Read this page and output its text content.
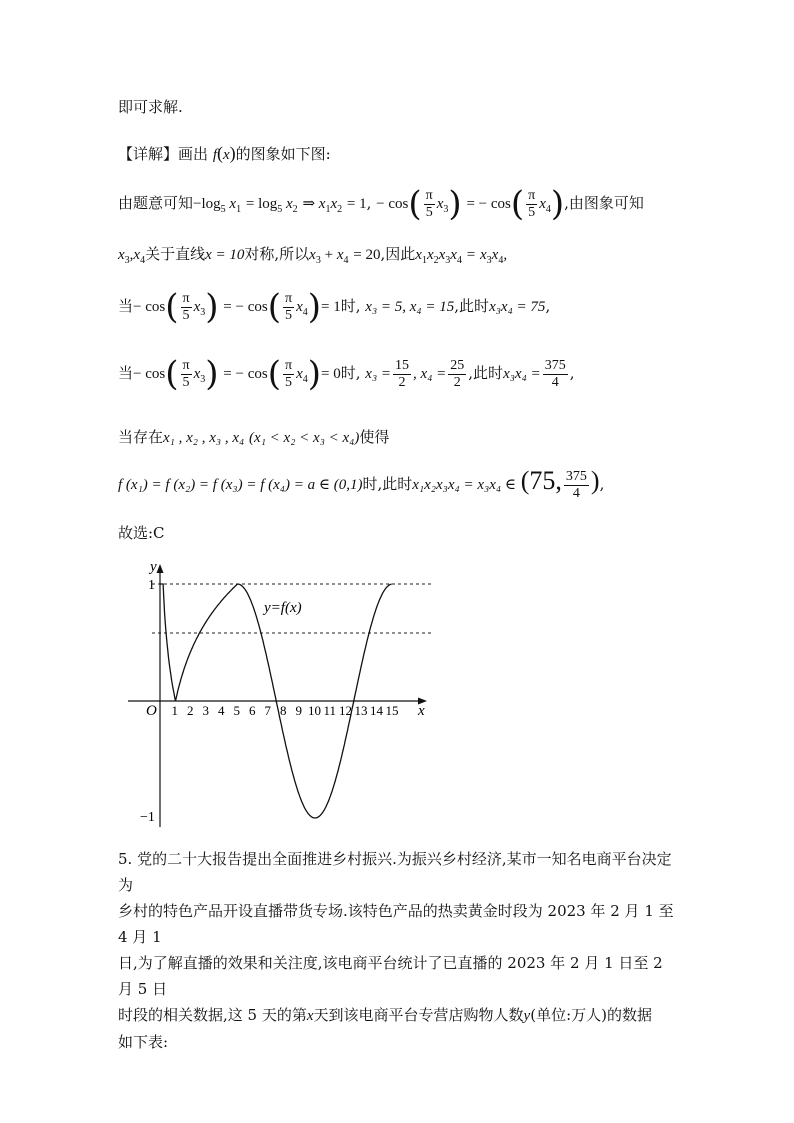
即可求解.
【详解】画出 f(x)的图象如下图:
由题意可知$-\log_5$ $x_1 = \log_5 x_2$ ⇒ $x_1x_2 = 1$, − $\cos( \frac{\pi}{5} x_3)$ = − $\cos( \frac{\pi}{5} x_4)$,由图象可知
$x_3,x_4$关于直线x = 10对称,所以$x_3 + x_4 = 20$,因此$x_1x_2x_3x_4 = x_3x_4$,
当− $\cos( \frac{\pi}{5} x_3)$ = − $\cos( \frac{\pi}{5} x_4)= 1$时, x₃ = 5, x₄ = 15,此时x₃x₄ = 75,
当− $\cos( \frac{\pi}{5} x_3)$ = − $\cos( \frac{\pi}{5} x_4)= 0$时, $x_3 = \frac{15}{2}$ , $x_4 = \frac{25}{2}$ ,此时$x_3x_4 = \frac{375}{4}$ ,
当存在x₁ , x₂ , x₃ , x₄ (x₁ < x₂ < x₃ < x₄)使得
f (x₁) = f (x₂) = f (x₃) = f (x₄) = a ∈ (0,1)时,此时x₁x₂x₃x₄ = x₃x₄ ∈ (75, $\frac{375}{4}$ ),
故选:C
y
x
O
1
−1
y=f(x)
1 2 3 4 5 6 7 8 9 10 11 12 13 14 15
5. 党的二十大报告提出全面推进乡村振兴.为振兴乡村经济,某市一知名电商平台决定为
乡村的特色产品开设直播带货专场.该特色产品的热卖黄金时段为 2023 年 2 月 1 至 4 月 1
日,为了解直播的效果和关注度,该电商平台统计了已直播的 2023 年 2 月 1 日至 2 月 5 日
时段的相关数据,这 5 天的第x天到该电商平台专营店购物人数y(单位:万人)的数据
如下表:
